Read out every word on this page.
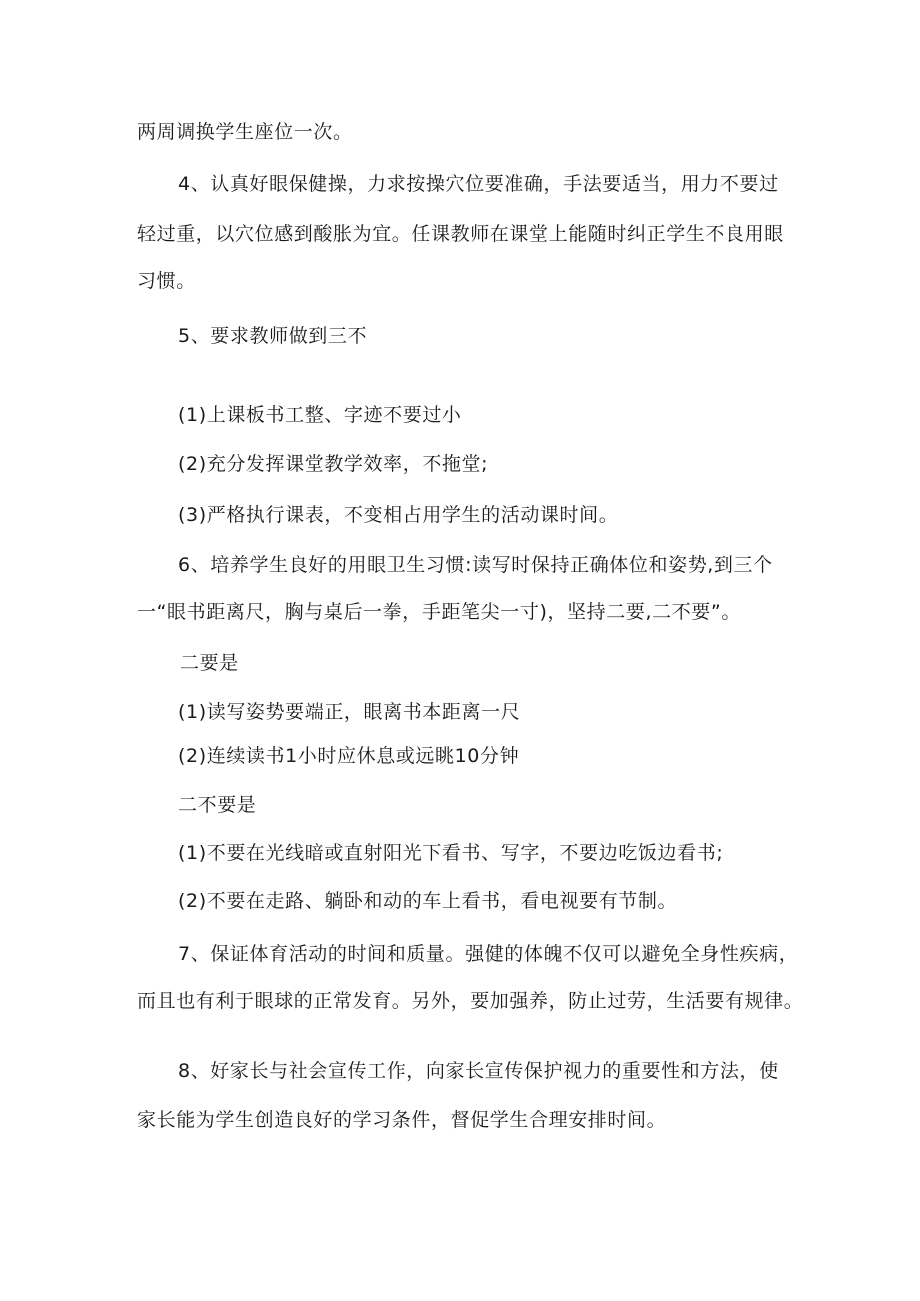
两周调换学生座位一次。
4、认真好眼保健操，力求按操穴位要准确，手法要适当，用力不要过
轻过重，以穴位感到酸胀为宜。任课教师在课堂上能随时纠正学生不良用眼
习惯。
5、要求教师做到三不
(1)上课板书工整、字迹不要过小
(2)充分发挥课堂教学效率，不拖堂;
(3)严格执行课表，不变相占用学生的活动课时间。
6、培养学生良好的用眼卫生习惯:读写时保持正确体位和姿势,到三个
一“眼书距离尺，胸与桌后一拳，手距笔尖一寸)，坚持二要,二不要”。
二要是
(1)读写姿势要端正，眼离书本距离一尺
(2)连续读书1小时应休息或远眺10分钟
二不要是
(1)不要在光线暗或直射阳光下看书、写字，不要边吃饭边看书;
(2)不要在走路、躺卧和动的车上看书，看电视要有节制。
7、保证体育活动的时间和质量。强健的体魄不仅可以避免全身性疾病，
而且也有利于眼球的正常发育。另外，要加强养，防止过劳，生活要有规律。
8、好家长与社会宣传工作，向家长宣传保护视力的重要性和方法，使
家长能为学生创造良好的学习条件，督促学生合理安排时间。
